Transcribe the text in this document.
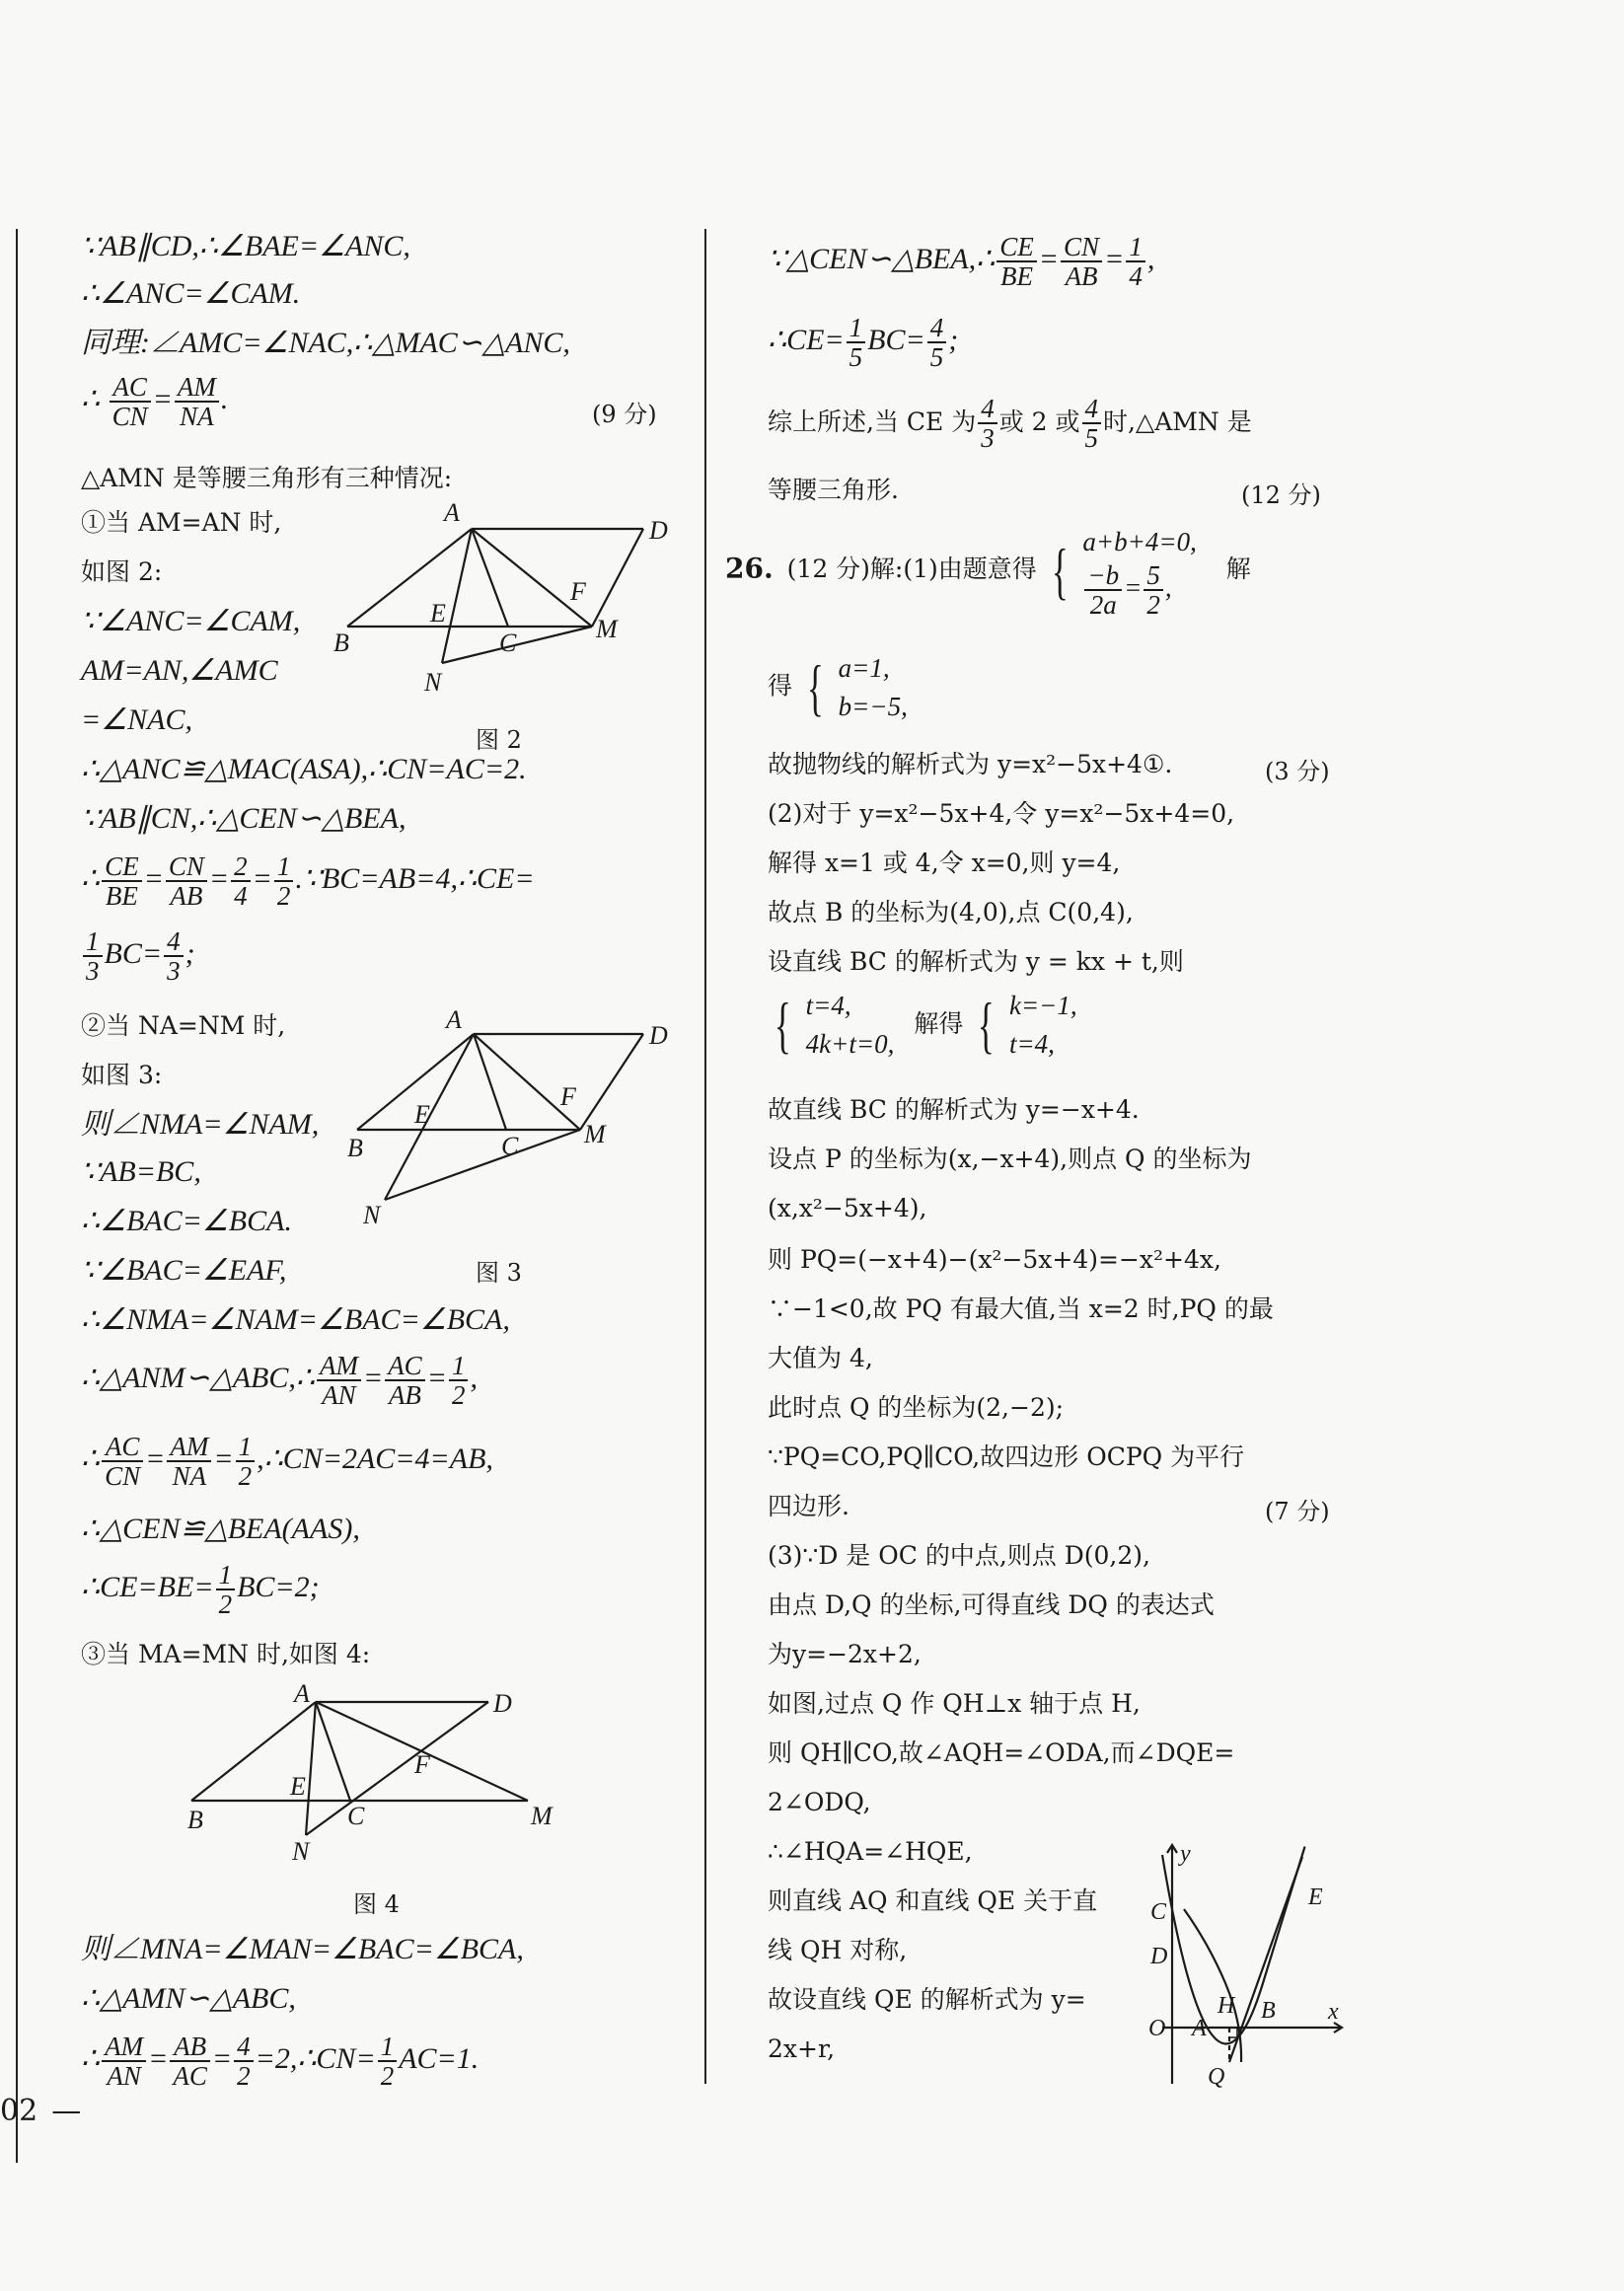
02 —
∵AB∥CD,∴∠BAE=∠ANC,
∴∠ANC=∠CAM.
同理:∠AMC=∠NAC,∴△MAC∽△ANC,
∴ $\frac{AC}{CN} = \frac{AM}{NA}$ .	(9 分)
△AMN 是等腰三角形有三种情况:
①当 AM=AN 时,
如图 2:
∵∠ANC=∠CAM,
AM=AN,∠AMC
=∠NAC,
A
D
B
E
C
F
M
N
图 2
∴△ANC≌△MAC(ASA),∴CN=AC=2.
∵AB∥CN,∴△CEN∽△BEA,
∴ $\frac{CE}{BE} = \frac{CN}{AB} = \frac{2}{4} = \frac{1}{2}$ .∵BC=AB=4,∴CE=
$\frac{1}{3} BC= \frac{4}{3}$ ;
②当 NA=NM 时,
如图 3:
则∠NMA=∠NAM,
∵AB=BC,
∴∠BAC=∠BCA.
∵∠BAC=∠EAF,
A
D
B
E
C
F
M
N
图 3
∴∠NMA=∠NAM=∠BAC=∠BCA,
∴△ANM∽△ABC,∴ $\frac{AM}{AN} = \frac{AC}{AB} = \frac{1}{2}$ ,
∴ $\frac{AC}{CN} = \frac{AM}{NA} = \frac{1}{2}$ ,∴CN=2AC=4=AB,
∴△CEN≌△BEA(AAS),
∴CE=BE= $\frac{1}{2} BC=2$;
③当 MA=MN 时,如图 4:
A	D
B
E
C
F
M
N
图 4
则∠MNA=∠MAN=∠BAC=∠BCA,
∴△AMN∽△ABC,
∴ $\frac{AM}{AN} = \frac{AB}{AC} = \frac{4}{2}$ =2,∴CN= $\frac{1}{2} AC=1$.
∵△CEN∽△BEA,∴ $\frac{CE}{BE} = \frac{CN}{AB} = \frac{1}{4}$ ,
∴CE= $\frac{1}{5} BC= \frac{4}{5}$ ;
综上所述,当 CE 为 $\frac{4}{3}$ 或 2 或 $\frac{4}{5}$ 时,△AMN 是
等腰三角形.	(12 分)
26. (12 分)解:(1)由题意得 { a+b+4=0,
$\frac{-b}{2a} = \frac{5}{2}$ ,
解
得 { a=1,
b=−5,
故抛物线的解析式为 y=x²−5x+4①.	(3 分)
(2)对于 y=x²−5x+4,令 y=x²−5x+4=0,
解得 x=1 或 4,令 x=0,则 y=4,
故点 B 的坐标为(4,0),点 C(0,4),
设直线 BC 的解析式为 y = kx + t,则
{ t=4,
4k+t=0,
解得 { k=−1,
t=4,
故直线 BC 的解析式为 y=−x+4.
设点 P 的坐标为(x,−x+4),则点 Q 的坐标为
(x,x²−5x+4),
则 PQ=(−x+4)−(x²−5x+4)=−x²+4x,
∵−1<0,故 PQ 有最大值,当 x=2 时,PQ 的最
大值为 4,
此时点 Q 的坐标为(2,−2);
∵PQ=CO,PQ∥CO,故四边形 OCPQ 为平行
四边形.	(7 分)
(3)∵D 是 OC 的中点,则点 D(0,2),
由点 D,Q 的坐标,可得直线 DQ 的表达式
为y=−2x+2,
如图,过点 Q 作 QH⊥x 轴于点 H,
则 QH∥CO,故∠AQH=∠ODA,而∠DQE=
2∠ODQ,
∴∠HQA=∠HQE,
则直线 AQ 和直线 QE 关于直
线 QH 对称,
故设直线 QE 的解析式为 y=
2x+r,
y
x
O
C
D
E
H B
A
Q
